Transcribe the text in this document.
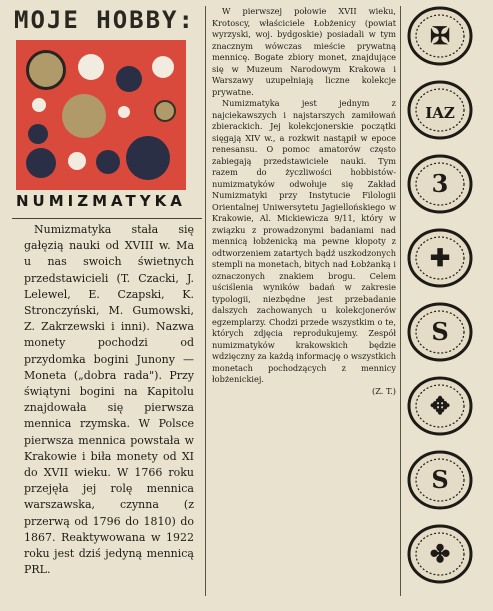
MOJE HOBBY:
NUMIZMATYKA

Numizmatyka stała się gałęzią nauki od XVIII w. Ma u nas swoich świetnych przedstawicieli (T. Czacki, J. Lelewel, E. Czapski, K. Stronczyński, M. Gumowski, Z. Zakrzewski i inni). Nazwa monety pochodzi od przydomka bogini Junony — Moneta („dobra rada"). Przy świątyni bogini na Kapitolu znajdowała się pierwsza mennica rzymska. W Polsce pierwsza mennica powstała w Krakowie i biła monety od XI do XVII wieku. W 1766 roku przejęła jej rolę mennica warszawska, czynna (z przerwą od 1796 do 1810) do 1867. Reaktywowana w 1922 roku jest dziś jedyną mennicą PRL.

W pierwszej połowie XVII wieku, Krotoscy, właściciele Łobżenicy (powiat wyrzyski, woj. bydgoskie) posiadali w tym znacznym wówczas mieście prywatną mennicę. Bogate zbiory monet, znajdujące się w Muzeum Narodowym Krakowa i Warszawy uzupełniają liczne kolekcje prywatne.

Numizmatyka jest jednym z najciekawszych i najstarszych zamiłowań zbierackich. Jej kolekcjonerskie początki sięgają XIV w., a rozkwit nastąpił w epoce renesansu. O pomoc amatorów często zabiegają przedstawiciele nauki. Tym razem do życzliwości hobbistów-numizmatyków odwołuje się Zakład Numizmatyki przy Instytucie Filologii Orientalnej Uniwersytetu Jagiellońskiego w Krakowie, Al. Mickiewicza 9/11, który w związku z prowadzonymi badaniami nad mennicą łobżenicką ma pewne kłopoty z odtworzeniem zatartych bądź uszkodzonych stempli na monetach, bitych nad Łobżanką i oznaczonych znakiem brogu. Celem uściślenia wyników badań w zakresie typologii, niezbędne jest przebadanie dalszych zachowanych u kolekcjonerów egzemplarzy. Chodzi przede wszystkim o te, których zdjęcia reprodukujemy. Zespół numizmatyków krakowskich będzie wdzięczny za każdą informację o wszystkich monetach pochodzących z mennicy łobżenickiej.

(Z. T.)
✠
IAZ
3
✚
S
✥
S
✤
